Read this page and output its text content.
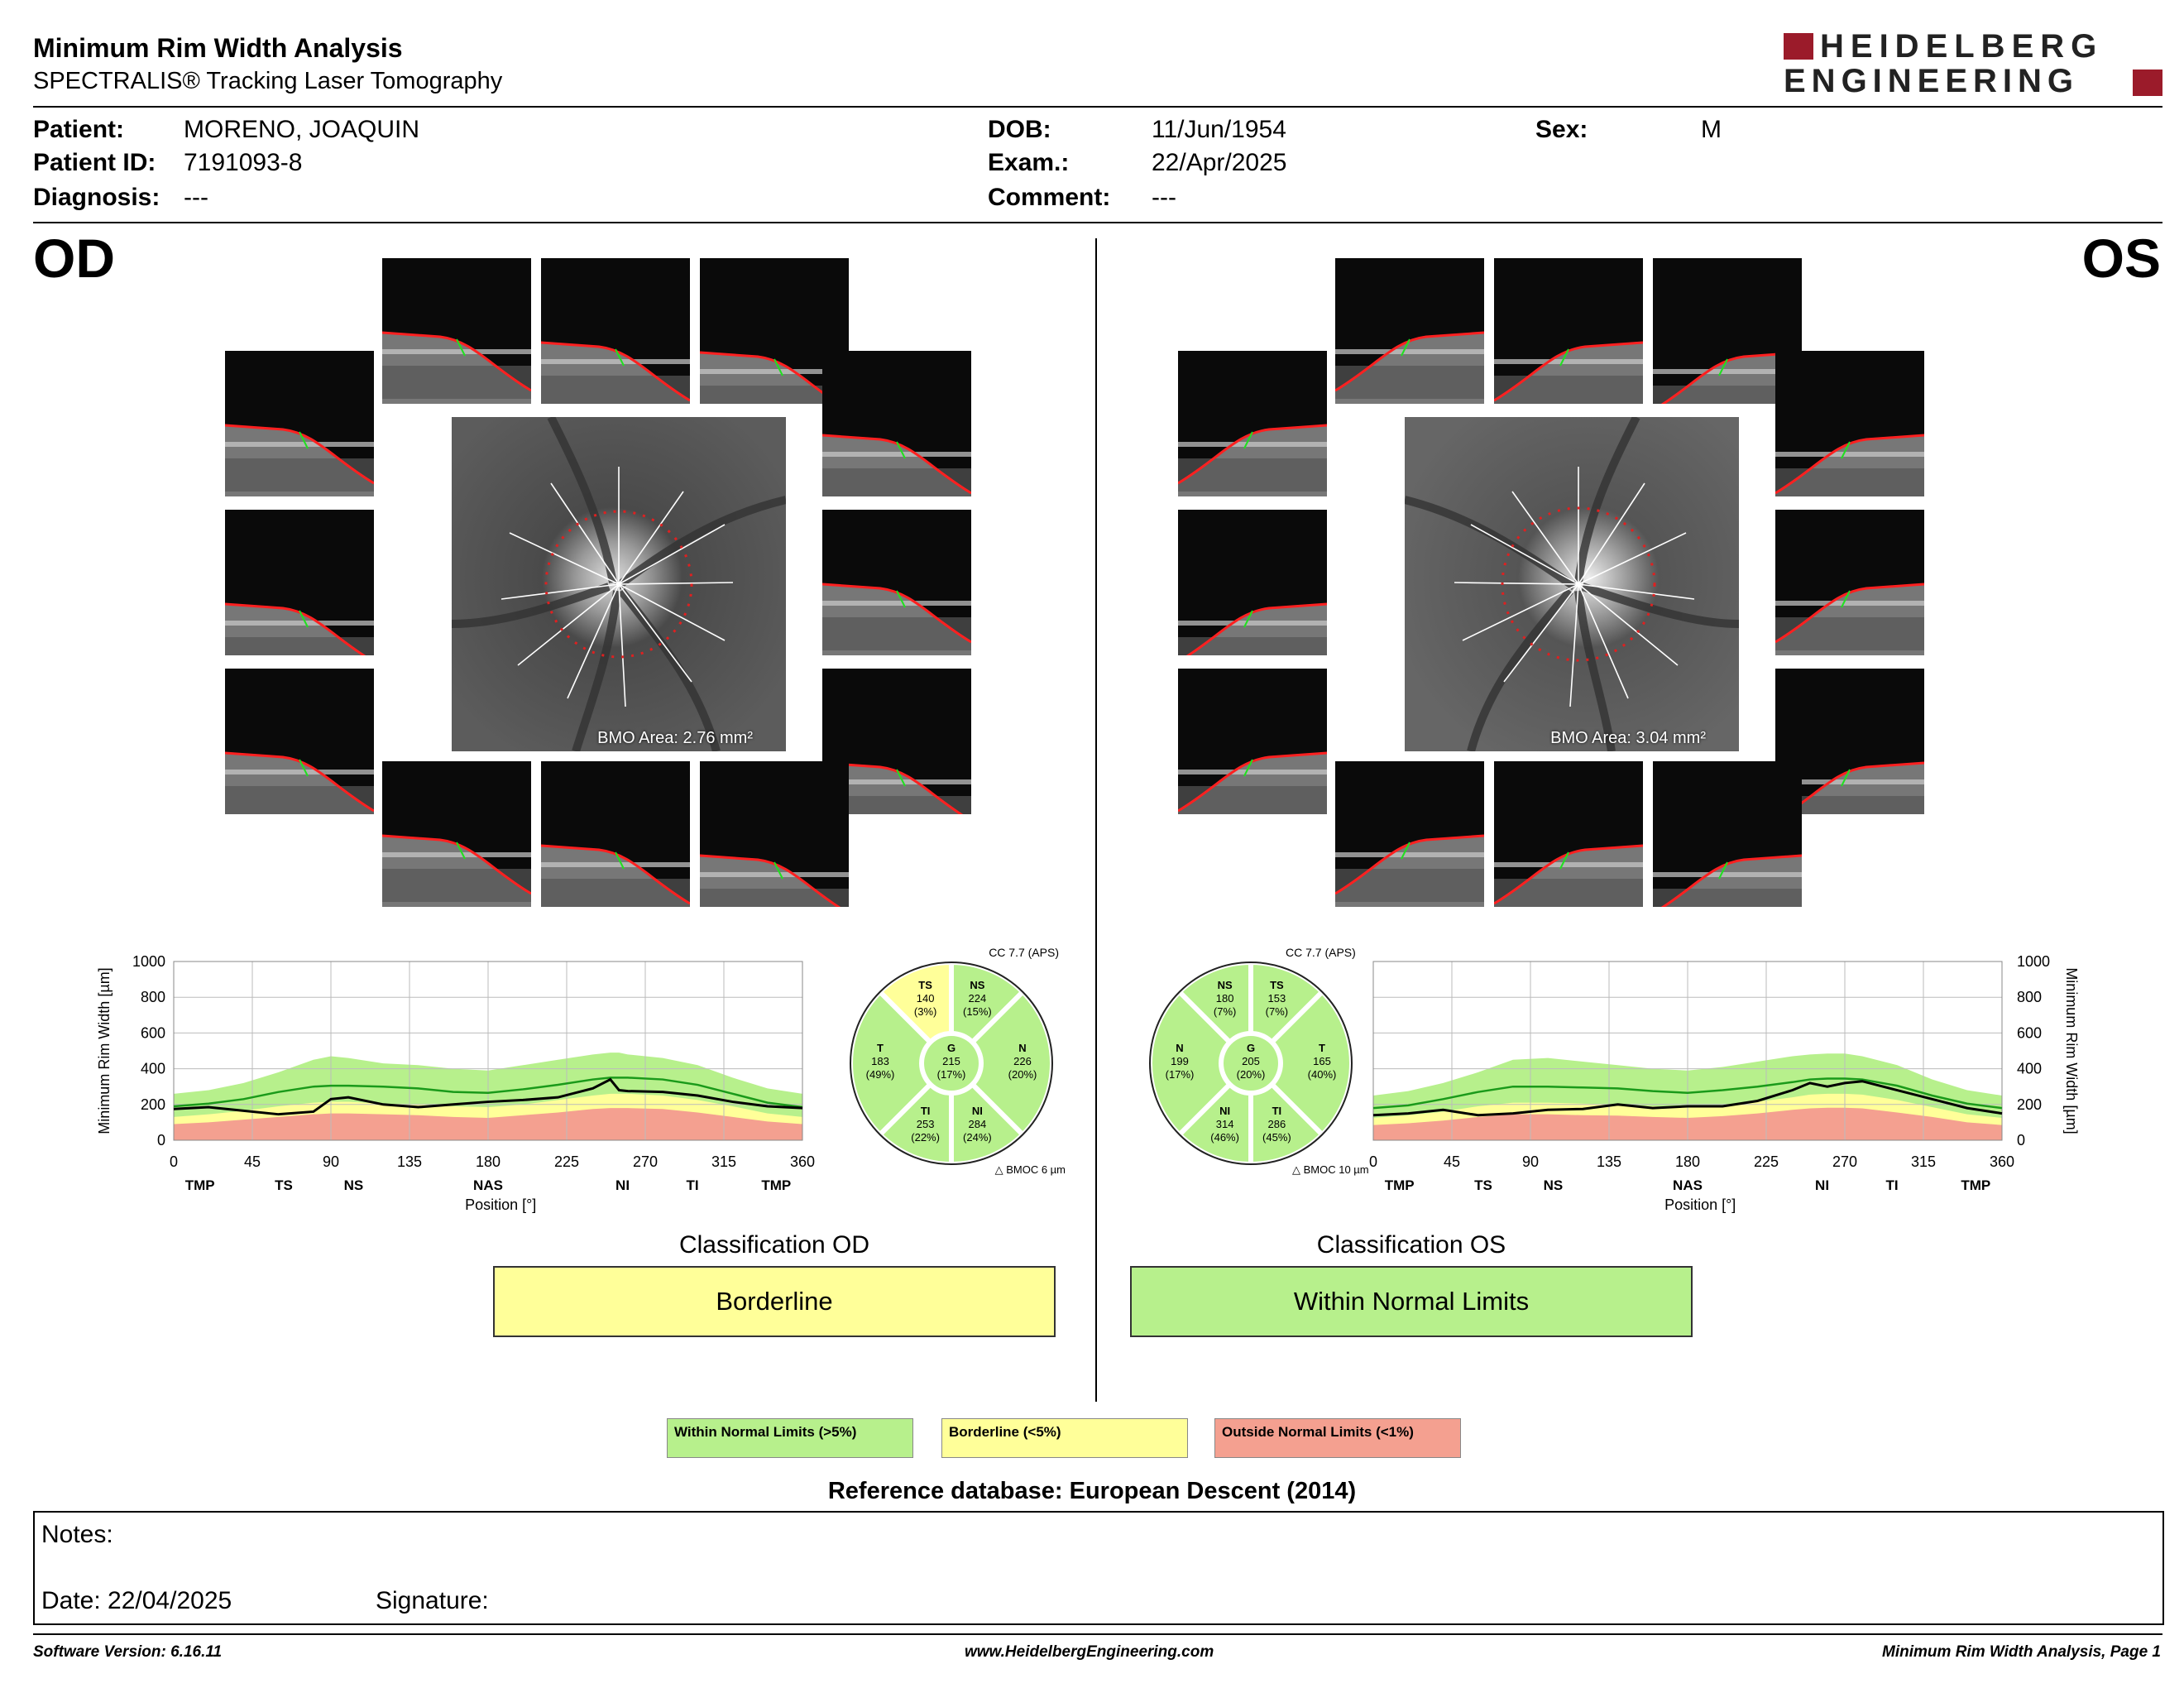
Minimum Rim Width Analysis
SPECTRALIS® Tracking Laser Tomography
HEIDELBERG
ENGINEERING
Patient: MORENO, JOAQUIN
Patient ID: 7191093-8
Diagnosis: ---
DOB:	11/Jun/1954
Exam.:	22/Apr/2025
Comment: ---
Sex:	M
OD	OS
BMO Area: 2.76 mm²	BMO Area: 3.04 mm²
0	45	90	135	180	225	270	315	360
0
200
400
600
800
1000
TMP	TS	NS	NAS	NI	TI	TMP
Position [°]
Minimum Rim Width [µm]
0	45	90	135	180	225	270	315	360
0
200
400
600
800
1000
TMP	TS	NS	NAS	NI	TI	TMP
Position [°]
Minimum Rim Width [µm]
T
183
(49%)
TS
140
(3%)
NS
224
(15%)
N
226
(20%)
NI
284
(24%)
TI
253
(22%)
G
215
(17%)
CC 7.7 (APS)
△ BMOC 6 µm
N
199
(17%)
NS
180
(7%)
TS
153
(7%)
T
165
(40%)
TI
286
(45%)
NI
314
(46%)
G
205
(20%)
CC 7.7 (APS)
△ BMOC 10 µm
Classification OD
Borderline
Classification OS
Within Normal Limits
Within Normal Limits (>5%)	Borderline (<5%)	Outside Normal Limits (<1%)
Reference database: European Descent (2014)
Notes:
Date: 22/04/2025	Signature:
Software Version: 6.16.11	www.HeidelbergEngineering.com	Minimum Rim Width Analysis, Page 1
